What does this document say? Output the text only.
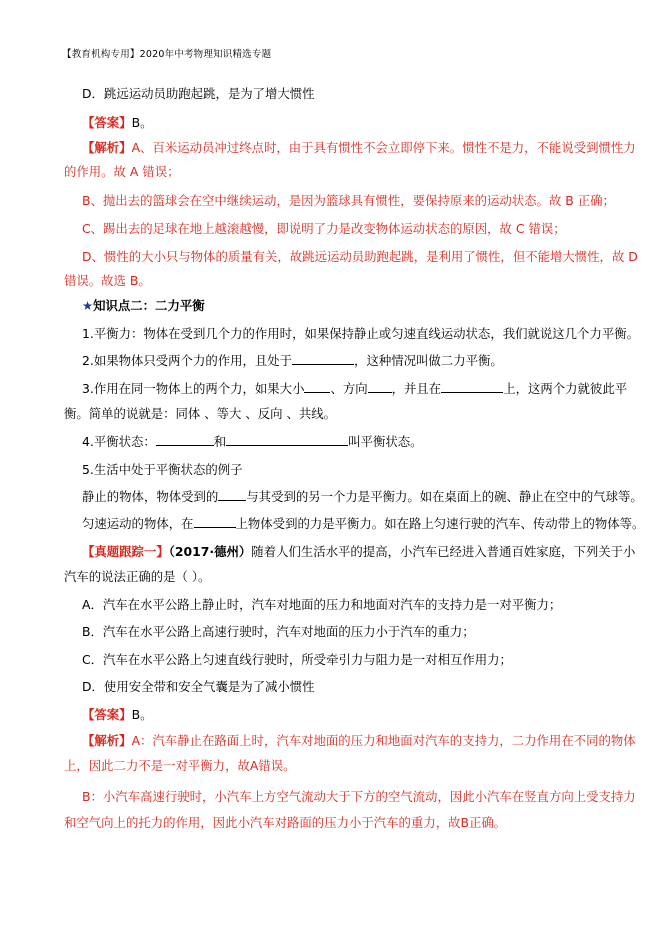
【教育机构专用】2020年中考物理知识精选专题
D．跳远运动员助跑起跳，是为了增大惯性
【答案】B。
【解析】A、百米运动员冲过终点时，由于具有惯性不会立即停下来。惯性不是力，不能说受到惯性力
的作用。故 A 错误；
B、抛出去的篮球会在空中继续运动，是因为篮球具有惯性，要保持原来的运动状态。故 B 正确；
C、踢出去的足球在地上越滚越慢，即说明了力是改变物体运动状态的原因，故 C 错误；
D、惯性的大小只与物体的质量有关，故跳远运动员助跑起跳，是利用了惯性，但不能增大惯性，故 D
错误。故选 B。
★知识点二：二力平衡
1.平衡力：物体在受到几个力的作用时，如果保持静止或匀速直线运动状态，我们就说这几个力平衡。
2.如果物体只受两个力的作用，且处于	，这种情况叫做二力平衡。
3.作用在同一物体上的两个力，如果大小 、方向 ，并且在	上，这两个力就彼此平
衡。简单的说就是：同体 、等大 、反向 、共线。
4.平衡状态：	和	叫平衡状态。
5.生活中处于平衡状态的例子
静止的物体，物体受到的 与其受到的另一个力是平衡力。如在桌面上的碗、静止在空中的气球等。
匀速运动的物体，在	上物体受到的力是平衡力。如在路上匀速行驶的汽车、传动带上的物体等。
【真题跟踪一】（2017·德州）随着人们生活水平的提高，小汽车已经进入普通百姓家庭，下列关于小
汽车的说法正确的是（ ）。
A．汽车在水平公路上静止时，汽车对地面的压力和地面对汽车的支持力是一对平衡力；
B．汽车在水平公路上高速行驶时，汽车对地面的压力小于汽车的重力；
C．汽车在水平公路上匀速直线行驶时，所受牵引力与阻力是一对相互作用力；
D．使用安全带和安全气囊是为了减小惯性
【答案】B。
【解析】A：汽车静止在路面上时，汽车对地面的压力和地面对汽车的支持力，二力作用在不同的物体
上，因此二力不是一对平衡力，故A错误。
B：小汽车高速行驶时，小汽车上方空气流动大于下方的空气流动，因此小汽车在竖直方向上受支持力
和空气向上的托力的作用，因此小汽车对路面的压力小于汽车的重力，故B正确。
